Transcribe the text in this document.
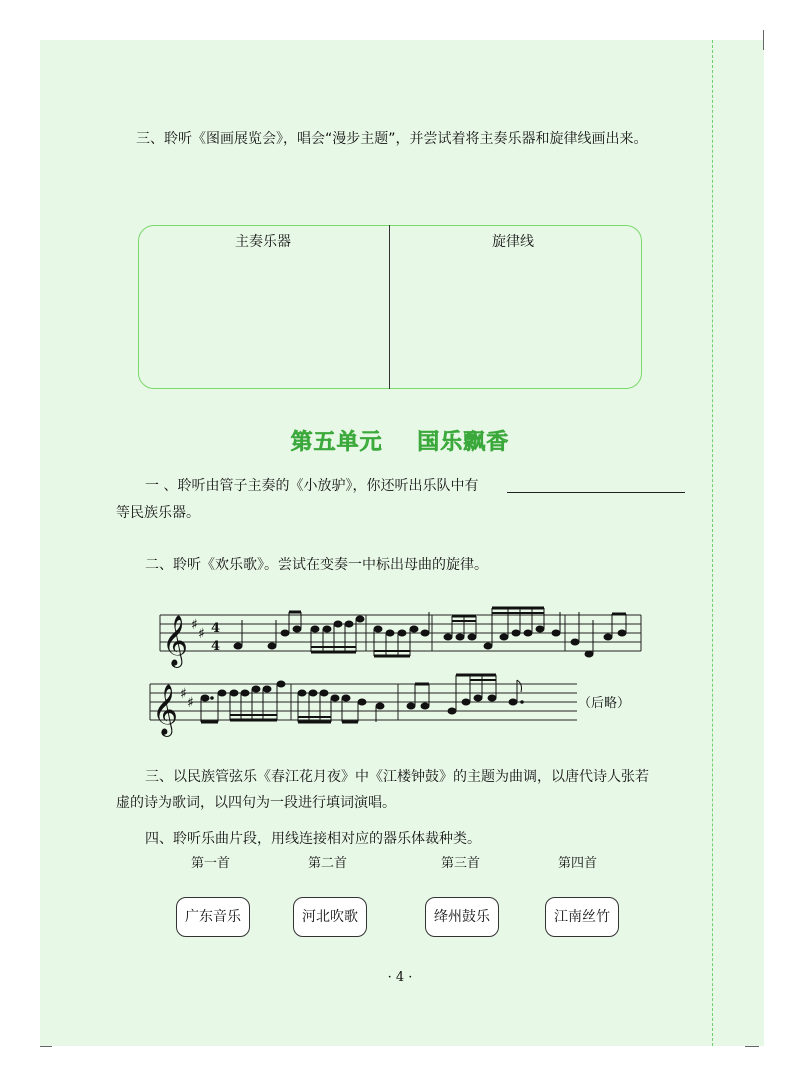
三、聆听《图画展览会》，唱会“漫步主题”，并尝试着将主奏乐器和旋律线画出来。
主奏乐器	旋律线
第五单元    国乐飘香
一 、聆听由管子主奏的《小放驴》，你还听出乐队中有
等民族乐器。
二、聆听《欢乐歌》。尝试在变奏一中标出母曲的旋律。
𝄞 ♯
♯ 4
4
𝄞 ♯
♯	（后略）
三、以民族管弦乐《春江花月夜》中《江楼钟鼓》的主题为曲调，以唐代诗人张若
虚的诗为歌词，以四句为一段进行填词演唱。
四、聆听乐曲片段，用线连接相对应的器乐体裁种类。
第一首	第二首	第三首	第四首
广东音乐	河北吹歌	绛州鼓乐	江南丝竹
· 4 ·
